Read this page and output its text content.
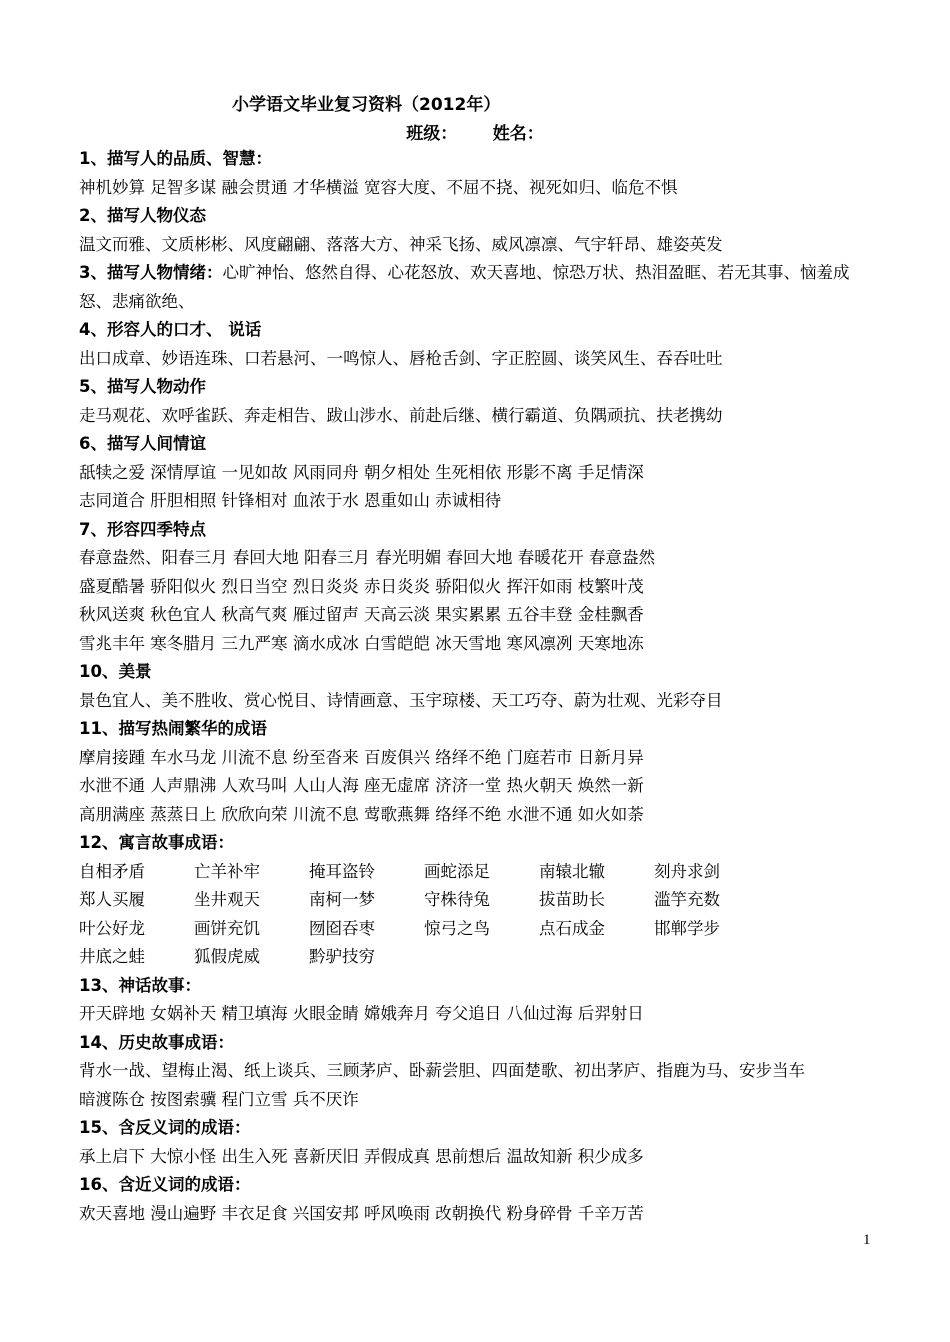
小学语文毕业复习资料（2012年）
班级： 姓名：
1、描写人的品质、智慧：
神机妙算 足智多谋 融会贯通 才华横溢 宽容大度、不屈不挠、视死如归、临危不惧
2、描写人物仪态
温文而雅、文质彬彬、风度翩翩、落落大方、神采飞扬、威风凛凛、气宇轩昂、雄姿英发
3、描写人物情绪：心旷神怡、悠然自得、心花怒放、欢天喜地、惊恐万状、热泪盈眶、若无其事、恼羞成怒、悲痛欲绝、
4、形容人的口才、 说话
出口成章、妙语连珠、口若悬河、一鸣惊人、唇枪舌剑、字正腔圆、谈笑风生、吞吞吐吐
5、描写人物动作
走马观花、欢呼雀跃、奔走相告、跋山涉水、前赴后继、横行霸道、负隅顽抗、扶老携幼
6、描写人间情谊
舐犊之爱 深情厚谊 一见如故 风雨同舟 朝夕相处 生死相依 形影不离 手足情深
志同道合 肝胆相照 针锋相对 血浓于水 恩重如山 赤诚相待
7、形容四季特点
春意盎然、阳春三月 春回大地 阳春三月 春光明媚 春回大地 春暖花开 春意盎然
盛夏酷暑 骄阳似火 烈日当空 烈日炎炎 赤日炎炎 骄阳似火 挥汗如雨 枝繁叶茂
秋风送爽 秋色宜人 秋高气爽 雁过留声 天高云淡 果实累累 五谷丰登 金桂飘香
雪兆丰年 寒冬腊月 三九严寒 滴水成冰 白雪皑皑 冰天雪地 寒风凛冽 天寒地冻
10、美景
景色宜人、美不胜收、赏心悦目、诗情画意、玉宇琼楼、天工巧夺、蔚为壮观、光彩夺目
11、描写热闹繁华的成语
摩肩接踵 车水马龙 川流不息 纷至沓来 百废俱兴 络绎不绝 门庭若市 日新月异
水泄不通 人声鼎沸 人欢马叫 人山人海 座无虚席 济济一堂 热火朝天 焕然一新
高朋满座 蒸蒸日上 欣欣向荣 川流不息 莺歌燕舞 络绎不绝 水泄不通 如火如荼
12、寓言故事成语：
自相矛盾	亡羊补牢	掩耳盗铃	画蛇添足	南辕北辙	刻舟求剑
郑人买履	坐井观天	南柯一梦	守株待兔	拔苗助长	滥竽充数
叶公好龙	画饼充饥	囫囵吞枣	惊弓之鸟	点石成金	邯郸学步
井底之蛙	狐假虎威	黔驴技穷
13、神话故事：
开天辟地 女娲补天 精卫填海 火眼金睛 嫦娥奔月 夸父追日 八仙过海 后羿射日
14、历史故事成语：
背水一战、望梅止渴、纸上谈兵、三顾茅庐、卧薪尝胆、四面楚歌、初出茅庐、指鹿为马、安步当车
暗渡陈仓 按图索骥 程门立雪 兵不厌诈
15、含反义词的成语：
承上启下 大惊小怪 出生入死 喜新厌旧 弄假成真 思前想后 温故知新 积少成多
16、含近义词的成语：
欢天喜地 漫山遍野 丰衣足食 兴国安邦 呼风唤雨 改朝换代 粉身碎骨 千辛万苦
1
